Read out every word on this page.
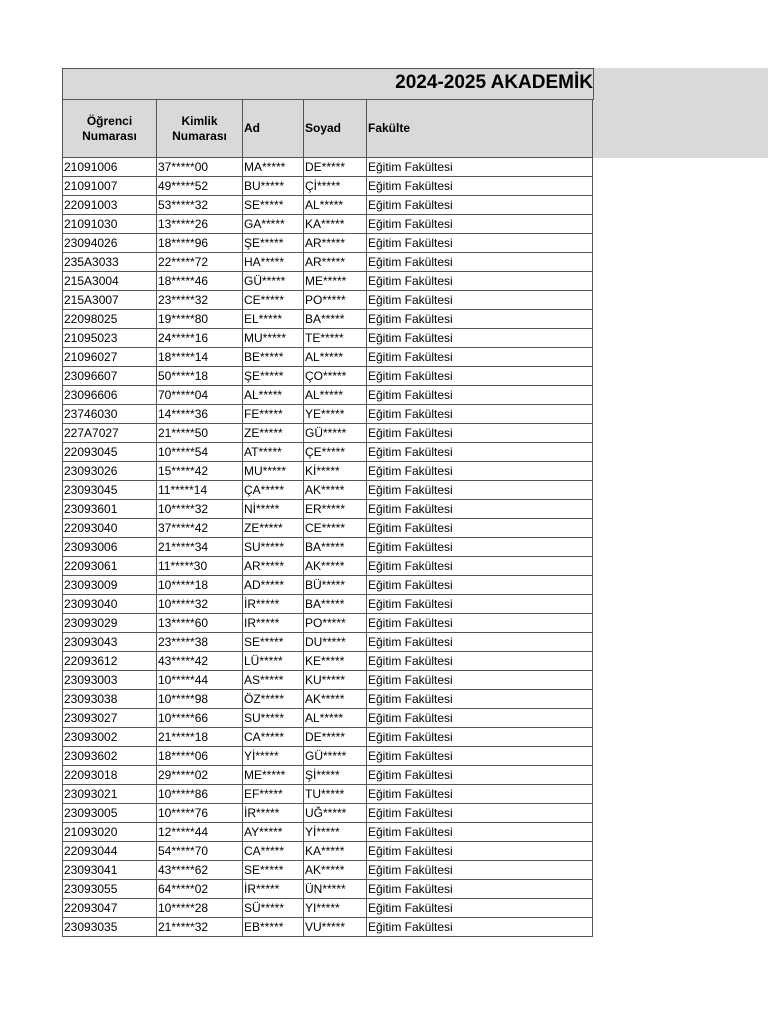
2024-2025 AKADEMİK
Öğrenci Numarası	Kimlik Numarası	Ad	Soyad	Fakülte
21091006	37*****00	MA*****	DE*****	Eğitim Fakültesi
21091007	49*****52	BU*****	Çİ*****	Eğitim Fakültesi
22091003	53*****32	SE*****	AL*****	Eğitim Fakültesi
21091030	13*****26	GA*****	KA*****	Eğitim Fakültesi
23094026	18*****96	ŞE*****	AR*****	Eğitim Fakültesi
235A3033	22*****72	HA*****	AR*****	Eğitim Fakültesi
215A3004	18*****46	GÜ*****	ME*****	Eğitim Fakültesi
215A3007	23*****32	CE*****	PO*****	Eğitim Fakültesi
22098025	19*****80	EL*****	BA*****	Eğitim Fakültesi
21095023	24*****16	MU*****	TE*****	Eğitim Fakültesi
21096027	18*****14	BE*****	AL*****	Eğitim Fakültesi
23096607	50*****18	ŞE*****	ÇO*****	Eğitim Fakültesi
23096606	70*****04	AL*****	AL*****	Eğitim Fakültesi
23746030	14*****36	FE*****	YE*****	Eğitim Fakültesi
227A7027	21*****50	ZE*****	GÜ*****	Eğitim Fakültesi
22093045	10*****54	AT*****	ÇE*****	Eğitim Fakültesi
23093026	15*****42	MU*****	Kİ*****	Eğitim Fakültesi
23093045	11*****14	ÇA*****	AK*****	Eğitim Fakültesi
23093601	10*****32	Nİ*****	ER*****	Eğitim Fakültesi
22093040	37*****42	ZE*****	CE*****	Eğitim Fakültesi
23093006	21*****34	SU*****	BA*****	Eğitim Fakültesi
22093061	11*****30	AR*****	AK*****	Eğitim Fakültesi
23093009	10*****18	AD*****	BÜ*****	Eğitim Fakültesi
23093040	10*****32	İR*****	BA*****	Eğitim Fakültesi
23093029	13*****60	IR*****	PO*****	Eğitim Fakültesi
23093043	23*****38	SE*****	DU*****	Eğitim Fakültesi
22093612	43*****42	LÜ*****	KE*****	Eğitim Fakültesi
23093003	10*****44	AS*****	KU*****	Eğitim Fakültesi
23093038	10*****98	ÖZ*****	AK*****	Eğitim Fakültesi
23093027	10*****66	SU*****	AL*****	Eğitim Fakültesi
23093002	21*****18	CA*****	DE*****	Eğitim Fakültesi
23093602	18*****06	Yİ*****	GÜ*****	Eğitim Fakültesi
22093018	29*****02	ME*****	Şİ*****	Eğitim Fakültesi
23093021	10*****86	EF*****	TU*****	Eğitim Fakültesi
23093005	10*****76	İR*****	UĞ*****	Eğitim Fakültesi
21093020	12*****44	AY*****	Yİ*****	Eğitim Fakültesi
22093044	54*****70	CA*****	KA*****	Eğitim Fakültesi
23093041	43*****62	SE*****	AK*****	Eğitim Fakültesi
23093055	64*****02	İR*****	ÜN*****	Eğitim Fakültesi
22093047	10*****28	SÜ*****	YI*****	Eğitim Fakültesi
23093035	21*****32	EB*****	VU*****	Eğitim Fakültesi
